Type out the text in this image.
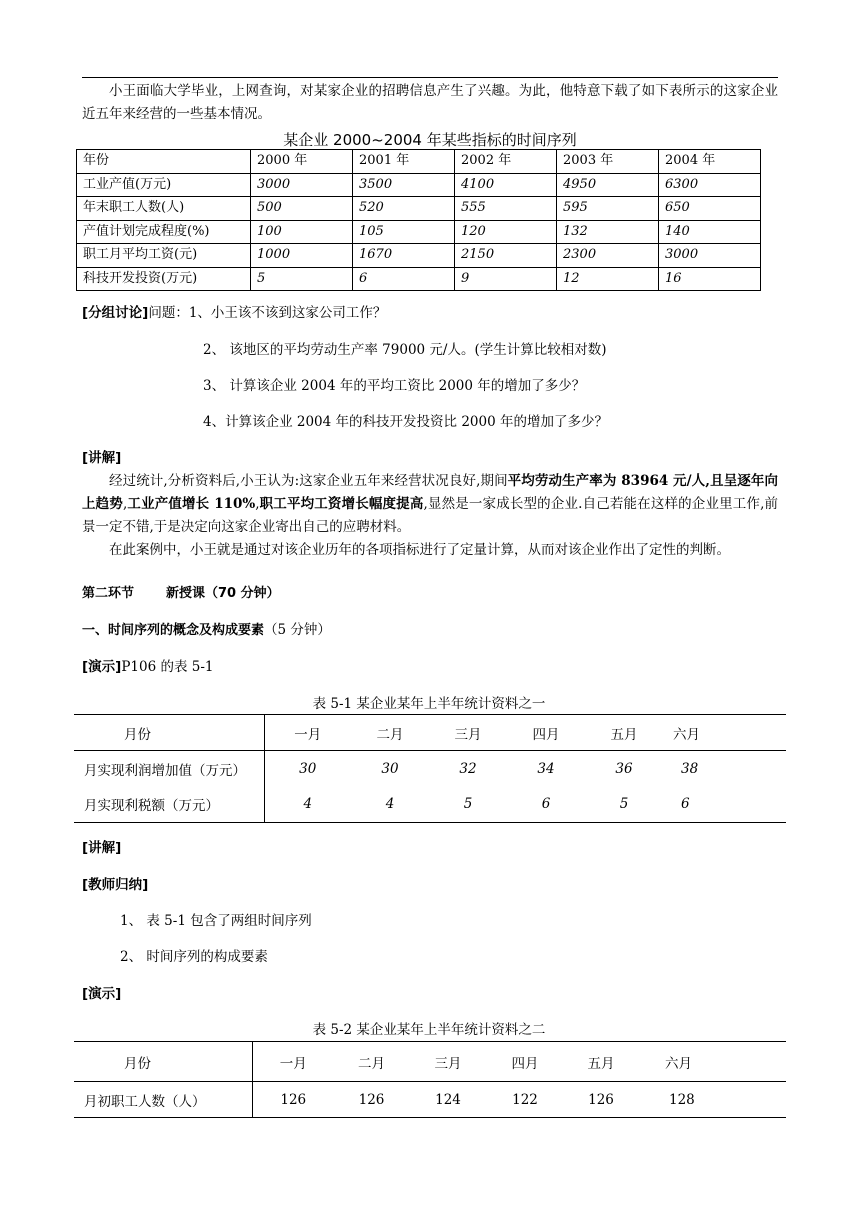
小王面临大学毕业，上网查询，对某家企业的招聘信息产生了兴趣。为此，他特意下载了如下表所示的这家企业近五年来经营的一些基本情况。
某企业 2000~2004 年某些指标的时间序列
年份	2000 年	2001 年	2002 年	2003 年	2004 年
工业产值(万元)	3000	3500	4100	4950	6300
年末职工人数(人)	500	520	555	595	650
产值计划完成程度(%)	100	105	120	132	140
职工月平均工资(元)	1000	1670	2150	2300	3000
科技开发投资(万元)	5	6	9	12	16
[分组讨论]问题：1、小王该不该到这家公司工作？
2、 该地区的平均劳动生产率 79000 元/人。(学生计算比较相对数)
3、 计算该企业 2004 年的平均工资比 2000 年的增加了多少？
4、计算该企业 2004 年的科技开发投资比 2000 年的增加了多少？
[讲解]
经过统计,分析资料后,小王认为:这家企业五年来经营状况良好,期间平均劳动生产率为 83964 元/人,且呈逐年向上趋势,工业产值增长 110%,职工平均工资增长幅度提高,显然是一家成长型的企业.自己若能在这样的企业里工作,前景一定不错,于是决定向这家企业寄出自己的应聘材料。
在此案例中，小王就是通过对该企业历年的各项指标进行了定量计算，从而对该企业作出了定性的判断。
第二环节 新授课（70 分钟）
一、时间序列的概念及构成要素（5 分钟）
[演示]P106 的表 5-1
表 5-1 某企业某年上半年统计资料之一
月份	一月	二月	三月	四月	五月	六月
月实现利润增加值（万元）	30	30	32	34	36	38
月实现利税额（万元）	4	4	5	6	5	6
[讲解]
[教师归纳]
1、 表 5-1 包含了两组时间序列
2、 时间序列的构成要素
[演示]
表 5-2 某企业某年上半年统计资料之二
月份	一月	二月	三月	四月	五月	六月
月初职工人数（人）	126	126	124	122	126	128
